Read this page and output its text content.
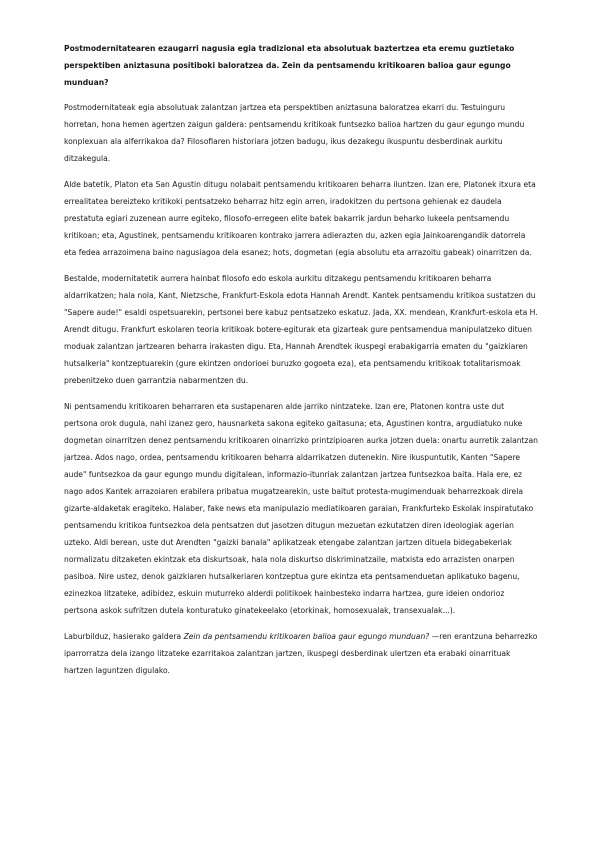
Postmodernitatearen ezaugarri nagusia egia tradizional eta absolutuak baztertzea eta eremu guztietako perspektiben aniztasuna positiboki baloratzea da. Zein da pentsamendu kritikoaren balioa gaur egungo munduan?

Postmodernitateak egia absolutuak zalantzan jartzea eta perspektiben aniztasuna baloratzea ekarri du. Testuinguru horretan, hona hemen agertzen zaigun galdera: pentsamendu kritikoak funtsezko balioa hartzen du gaur egungo mundu konplexuan ala alferrikakoa da? Filosofiaren historiara jotzen badugu, ikus dezakegu ikuspuntu desberdinak aurkitu ditzakegula.

Alde batetik, Platon eta San Agustin ditugu nolabait pentsamendu kritikoaren beharra iluntzen. Izan ere, Platonek itxura eta errealitatea bereizteko kritikoki pentsatzeko beharraz hitz egin arren, iradokitzen du pertsona gehienak ez daudela prestatuta egiari zuzenean aurre egiteko, filosofo-erregeen elite batek bakarrik jardun beharko lukeela pentsamendu kritikoan; eta, Agustinek, pentsamendu kritikoaren kontrako jarrera adierazten du, azken egia Jainkoarengandik datorrela eta fedea arrazoimena baino nagusiagoa dela esanez; hots, dogmetan (egia absolutu eta arrazoitu gabeak) oinarritzen da.

Bestalde, modernitatetik aurrera hainbat filosofo edo eskola aurkitu ditzakegu pentsamendu kritikoaren beharra aldarrikatzen; hala nola, Kant, Nietzsche, Frankfurt-Eskola edota Hannah Arendt. Kantek pentsamendu kritikoa sustatzen du "Sapere aude!" esaldi ospetsuarekin, pertsonei bere kabuz pentsatzeko eskatuz. Jada, XX. mendean, Krankfurt-eskola eta H. Arendt ditugu. Frankfurt eskolaren teoria kritikoak botere-egiturak eta gizarteak gure pentsamendua manipulatzeko dituen moduak zalantzan jartzearen beharra irakasten digu. Eta, Hannah Arendtek ikuspegi erabakigarria ematen du "gaizkiaren hutsalkeria" kontzeptuarekin (gure ekintzen ondorioei buruzko gogoeta eza), eta pentsamendu kritikoak totalitarismoak prebenitzeko duen garrantzia nabarmentzen du.

Ni pentsamendu kritikoaren beharraren eta sustapenaren alde jarriko nintzateke. Izan ere, Platonen kontra uste dut pertsona orok dugula, nahi izanez gero, hausnarketa sakona egiteko gaitasuna; eta, Agustinen kontra, argudiatuko nuke dogmetan oinarritzen denez pentsamendu kritikoaren oinarrizko printzipioaren aurka jotzen duela: onartu aurretik zalantzan jartzea. Ados nago, ordea, pentsamendu kritikoaren beharra aldarrikatzen dutenekin. Nire ikuspuntutik, Kanten "Sapere aude" funtsezkoa da gaur egungo mundu digitalean, informazio-itunriak zalantzan jartzea funtsezkoa baita. Hala ere, ez nago ados Kantek arrazoiaren erabilera pribatua mugatzearekin, uste baitut protesta-mugimenduak beharrezkoak direla gizarte-aldaketak eragiteko. Halaber, fake news eta manipulazio mediatikoaren garaian, Frankfurteko Eskolak inspiratutako pentsamendu kritikoa funtsezkoa dela pentsatzen dut jasotzen ditugun mezuetan ezkutatzen diren ideologiak agerian uzteko. Aldi berean, uste dut Arendten "gaizki banala" aplikatzeak etengabe zalantzan jartzen dituela bidegabekeriak normalizatu ditzaketen ekintzak eta diskurtsoak, hala nola diskurtso diskriminatzaile, matxista edo arrazisten onarpen pasiboa. Nire ustez, denok gaizkiaren hutsalkeriaren kontzeptua gure ekintza eta pentsamenduetan aplikatuko bagenu, ezinezkoa litzateke, adibidez, eskuin muturreko alderdi politikoek hainbesteko indarra hartzea, gure ideien ondorioz pertsona askok sufritzen dutela konturatuko ginatekeelako (etorkinak, homosexualak, transexualak...).

Laburbilduz, hasierako galdera Zein da pentsamendu kritikoaren balioa gaur egungo munduan? —ren erantzuna beharrezko iparrorratza dela izango litzateke ezarritakoa zalantzan jartzen, ikuspegi desberdinak ulertzen eta erabaki oinarrituak hartzen laguntzen digulako.
